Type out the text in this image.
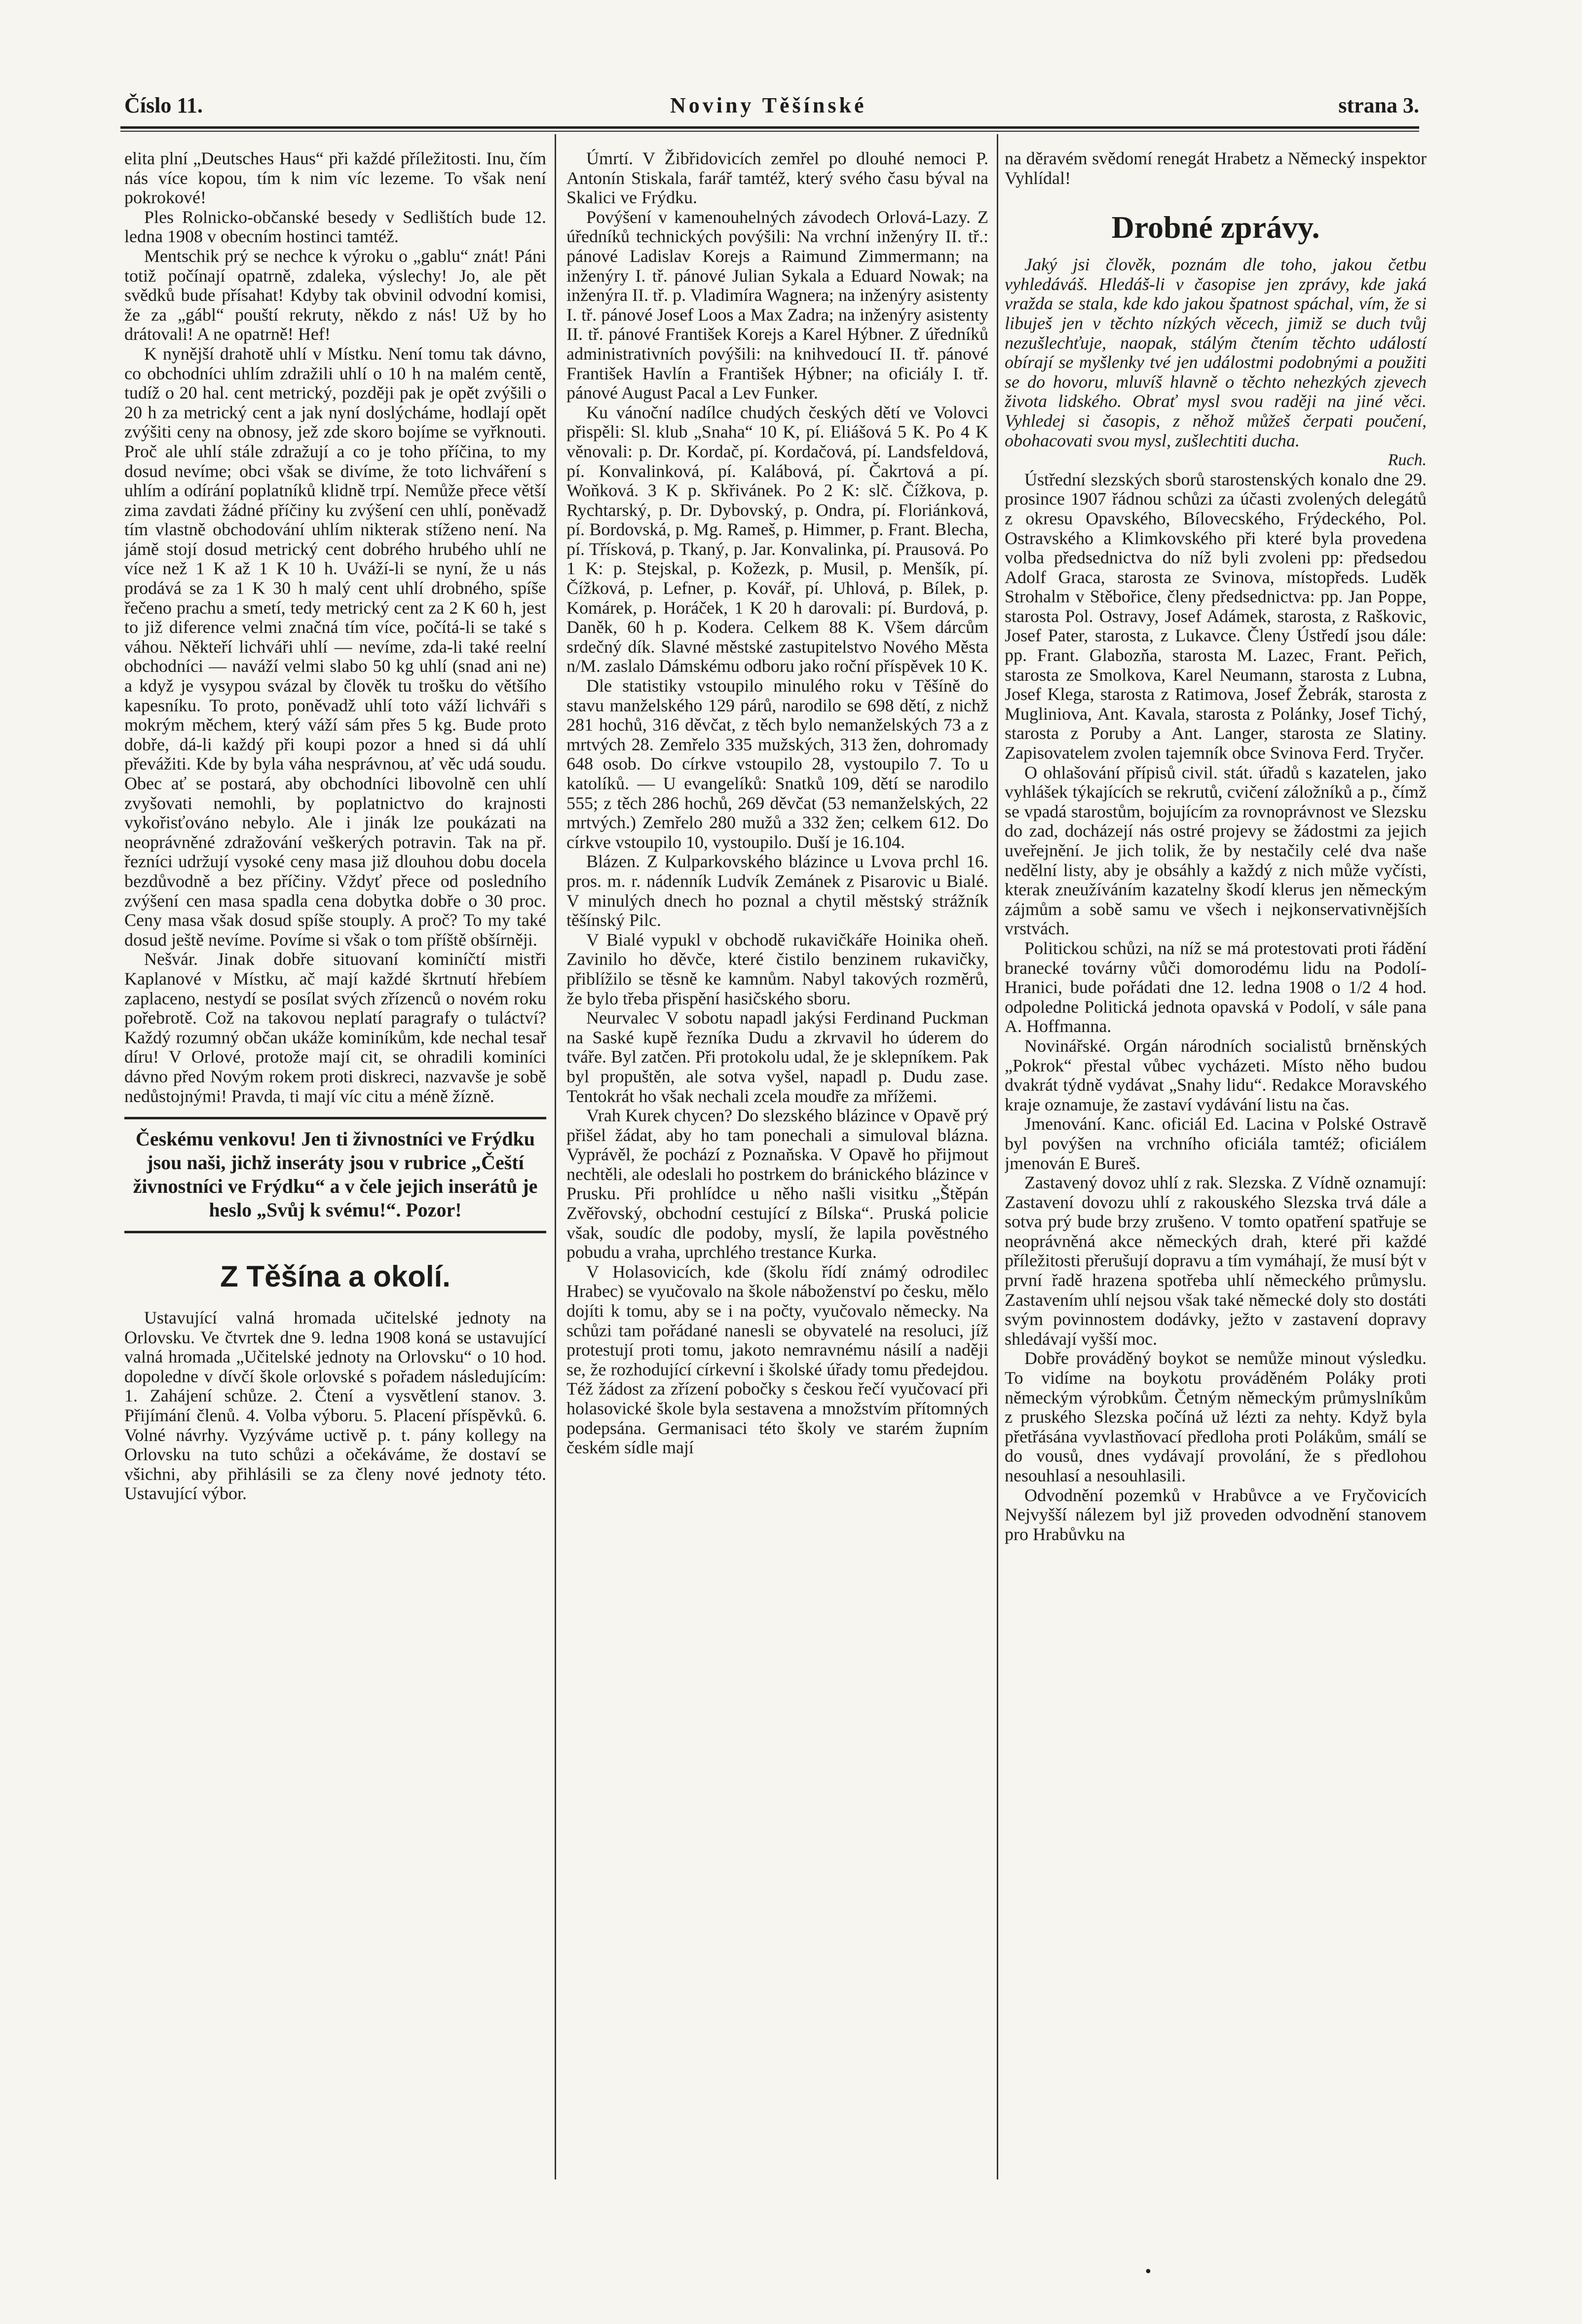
Číslo 11.	Noviny Těšínské	strana 3.

elita plní „Deutsches Haus“ při každé příležitosti. Inu, čím nás více kopou, tím k nim víc lezeme. To však není pokrokové!

Ples Rolnicko-občanské besedy v Sedlištích bude 12. ledna 1908 v obecním hostinci tamtéž.

Mentschik prý se nechce k výroku o „gablu“ znát! Páni totiž počínají opatrně, zdaleka, výslechy! Jo, ale pět svědků bude přísahat! Kdyby tak obvinil odvodní komisi, že za „gábl“ pouští rekruty, někdo z nás! Už by ho drátovali! A ne opatrně! Hef!

K nynější drahotě uhlí v Místku. Není tomu tak dávno, co obchodníci uhlím zdražili uhlí o 10 h na malém centě, tudíž o 20 hal. cent metrický, později pak je opět zvýšili o 20 h za metrický cent a jak nyní doslýcháme, hodlají opět zvýšiti ceny na obnosy, jež zde skoro bojíme se vyřknouti. Proč ale uhlí stále zdražují a co je toho příčina, to my dosud nevíme; obci však se divíme, že toto lichváření s uhlím a odírání poplatníků klidně trpí. Nemůže přece větší zima zavdati žádné příčiny ku zvýšení cen uhlí, poněvadž tím vlastně obchodování uhlím nikterak stíženo není. Na jámě stojí dosud metrický cent dobrého hrubého uhlí ne více než 1 K až 1 K 10 h. Uváží-li se nyní, že u nás prodává se za 1 K 30 h malý cent uhlí drobného, spíše řečeno prachu a smetí, tedy metrický cent za 2 K 60 h, jest to již diference velmi značná tím více, počítá-li se také s váhou. Někteří lichváři uhlí — nevíme, zda-li také reelní obchodníci — naváží velmi slabo 50 kg uhlí (snad ani ne) a když je vysypou svázal by člověk tu trošku do většího kapesníku. To proto, poněvadž uhlí toto váží lichváři s mokrým měchem, který váží sám přes 5 kg. Bude proto dobře, dá-li každý při koupi pozor a hned si dá uhlí převážiti. Kde by byla váha nesprávnou, ať věc udá soudu. Obec ať se postará, aby obchodníci libovolně cen uhlí zvyšovati nemohli, by poplatnictvo do krajnosti vykořisťováno nebylo. Ale i jinák lze poukázati na neoprávněné zdražování veškerých potravin. Tak na př. řezníci udržují vysoké ceny masa již dlouhou dobu docela bezdůvodně a bez příčiny. Vždyť přece od posledního zvýšení cen masa spadla cena dobytka dobře o 30 proc. Ceny masa však dosud spíše stouply. A proč? To my také dosud ještě nevíme. Povíme si však o tom příště obšírněji.

Nešvár. Jinak dobře situovaní kominíčtí mistři Kaplanové v Místku, ač mají každé škrtnutí hřebíem zaplaceno, nestydí se posílat svých zřízenců o novém roku pořebrotě. Což na takovou neplatí paragrafy o tuláctví? Každý rozumný občan ukáže kominíkům, kde nechal tesař díru! V Orlové, protože mají cit, se ohradili kominíci dávno před Novým rokem proti diskreci, nazvavše je sobě nedůstojnými! Pravda, ti mají víc citu a méně žízně.

Českému venkovu! Jen ti živnostníci ve Frýdku jsou naši, jichž inseráty jsou v rubrice „Čeští živnostníci ve Frýdku“ a v čele jejich inserátů je heslo „Svůj k svému!“. Pozor!
Z Těšína a okolí.

Ustavující valná hromada učitelské jednoty na Orlovsku. Ve čtvrtek dne 9. ledna 1908 koná se ustavující valná hromada „Učitelské jednoty na Orlovsku“ o 10 hod. dopoledne v dívčí škole orlovské s pořadem následujícím: 1. Zahájení schůze. 2. Čtení a vysvětlení stanov. 3. Přijímání členů. 4. Volba výboru. 5. Placení příspěvků. 6. Volné návrhy. Vyzýváme uctivě p. t. pány kollegy na Orlovsku na tuto schůzi a očekáváme, že dostaví se všichni, aby přihlásili se za členy nové jednoty této. Ustavující výbor.

Úmrtí. V Žibřidovicích zemřel po dlouhé nemoci P. Antonín Stiskala, farář tamtéž, který svého času býval na Skalici ve Frýdku.

Povýšení v kamenouhelných závodech Orlová-Lazy. Z úředníků technických povýšili: Na vrchní inženýry II. tř.: pánové Ladislav Korejs a Raimund Zimmermann; na inženýry I. tř. pánové Julian Sykala a Eduard Nowak; na inženýra II. tř. p. Vladimíra Wagnera; na inženýry asistenty I. tř. pánové Josef Loos a Max Zadra; na inženýry asistenty II. tř. pánové František Korejs a Karel Hýbner. Z úředníků administrativních povýšili: na knihvedoucí II. tř. pánové František Havlín a František Hýbner; na oficiály I. tř. pánové August Pacal a Lev Funker.

Ku vánoční nadílce chudých českých dětí ve Volovci přispěli: Sl. klub „Snaha“ 10 K, pí. Eliášová 5 K. Po 4 K věnovali: p. Dr. Kordač, pí. Kordačová, pí. Landsfeldová, pí. Konvalinková, pí. Kalábová, pí. Čakrtová a pí. Woňková. 3 K p. Skřivánek. Po 2 K: slč. Čížkova, p. Rychtarský, p. Dr. Dybovský, p. Ondra, pí. Floriánková, pí. Bordovská, p. Mg. Rameš, p. Himmer, p. Frant. Blecha, pí. Třísková, p. Tkaný, p. Jar. Konvalinka, pí. Prausová. Po 1 K: p. Stejskal, p. Kožezk, p. Musil, p. Menšík, pí. Čížková, p. Lefner, p. Kovář, pí. Uhlová, p. Bílek, p. Komárek, p. Horáček, 1 K 20 h darovali: pí. Burdová, p. Daněk, 60 h p. Kodera. Celkem 88 K. Všem dárcům srdečný dík. Slavné městské zastupitelstvo Nového Města n/M. zaslalo Dámskému odboru jako roční příspěvek 10 K.

Dle statistiky vstoupilo minulého roku v Těšíně do stavu manželského 129 párů, narodilo se 698 dětí, z nichž 281 hochů, 316 děvčat, z těch bylo nemanželských 73 a z mrtvých 28. Zemřelo 335 mužských, 313 žen, dohromady 648 osob. Do církve vstoupilo 28, vystoupilo 7. To u katolíků. — U evangelíků: Snatků 109, dětí se narodilo 555; z těch 286 hochů, 269 děvčat (53 nemanželských, 22 mrtvých.) Zemřelo 280 mužů a 332 žen; celkem 612. Do církve vstoupilo 10, vystoupilo. Duší je 16.104.

Blázen. Z Kulparkovského blázince u Lvova prchl 16. pros. m. r. nádenník Ludvík Zemánek z Pisarovic u Bialé. V minulých dnech ho poznal a chytil městský strážník těšínský Pilc.

V Bialé vypukl v obchodě rukavičkáře Hoinika oheň. Zavinilo ho děvče, které čistilo benzinem rukavičky, přiblížilo se těsně ke kamnům. Nabyl takových rozměrů, že bylo třeba přispění hasičského sboru.

Neurvalec V sobotu napadl jakýsi Ferdinand Puckman na Saské kupě řezníka Dudu a zkrvavil ho úderem do tváře. Byl zatčen. Při protokolu udal, že je sklepníkem. Pak byl propuštěn, ale sotva vyšel, napadl p. Dudu zase. Tentokrát ho však nechali zcela moudře za mřížemi.

Vrah Kurek chycen? Do slezského blázince v Opavě prý přišel žádat, aby ho tam ponechali a simuloval blázna. Vyprávěl, že pochází z Poznaňska. V Opavě ho přijmout nechtěli, ale odeslali ho postrkem do bránického blázince v Prusku. Při prohlídce u něho našli visitku „Štěpán Zvěřovský, obchodní cestující z Bílska“. Pruská policie však, soudíc dle podoby, myslí, že lapila pověstného pobudu a vraha, uprchlého trestance Kurka.

V Holasovicích, kde (školu řídí známý odrodilec Hrabec) se vyučovalo na škole náboženství po česku, mělo dojíti k tomu, aby se i na počty, vyučovalo německy. Na schůzi tam pořádané nanesli se obyvatelé na resoluci, jíž protestují proti tomu, jakoto nemravnému násilí a naději se, že rozhodující církevní i školské úřady tomu předejdou. Též žádost za zřízení pobočky s českou řečí vyučovací při holasovické škole byla sestavena a množstvím přítomných podepsána. Germanisaci této školy ve starém župním českém sídle mají

na děravém svědomí renegát Hrabetz a Německý inspektor Vyhlídal!

Drobné zprávy.

Jaký jsi člověk, poznám dle toho, jakou četbu vyhledáváš. Hledáš-li v časopise jen zprávy, kde jaká vražda se stala, kde kdo jakou špatnost spáchal, vím, že si libuješ jen v těchto nízkých věcech, jimiž se duch tvůj nezušlechťuje, naopak, stálým čtením těchto událostí obírají se myšlenky tvé jen událostmi podobnými a použiti se do hovoru, mluvíš hlavně o těchto nehezkých zjevech života lidského. Obrať mysl svou raději na jiné věci. Vyhledej si časopis, z něhož můžeš čerpati poučení, obohacovati svou mysl, zušlechtiti ducha.

Ruch.

Ústřední slezských sborů starostenských konalo dne 29. prosince 1907 řádnou schůzi za účasti zvolených delegátů z okresu Opavského, Bílovecského, Frýdeckého, Pol. Ostravského a Klimkovského při které byla provedena volba předsednictva do níž byli zvoleni pp: předsedou Adolf Graca, starosta ze Svinova, místopředs. Luděk Strohalm v Stěbořice, členy předsednictva: pp. Jan Poppe, starosta Pol. Ostravy, Josef Adámek, starosta, z Raškovic, Josef Pater, starosta, z Lukavce. Členy Ústředí jsou dále: pp. Frant. Glabozňa, starosta M. Lazec, Frant. Peřich, starosta ze Smolkova, Karel Neumann, starosta z Lubna, Josef Klega, starosta z Ratimova, Josef Žebrák, starosta z Mugliniova, Ant. Kavala, starosta z Polánky, Josef Tichý, starosta z Poruby a Ant. Langer, starosta ze Slatiny. Zapisovatelem zvolen tajemník obce Svinova Ferd. Tryčer.

O ohlašování přípisů civil. stát. úřadů s kazatelen, jako vyhlášek týkajících se rekrutů, cvičení záložníků a p., čímž se vpadá starostům, bojujícím za rovnoprávnost ve Slezsku do zad, docházejí nás ostré projevy se žádostmi za jejich uveřejnění. Je jich tolik, že by nestačily celé dva naše nedělní listy, aby je obsáhly a každý z nich může vyčísti, kterak zneužíváním kazatelny škodí klerus jen německým zájmům a sobě samu ve všech i nejkonservativnějších vrstvách.

Politickou schůzi, na níž se má protestovati proti řádění branecké továrny vůči domorodému lidu na Podolí-Hranici, bude pořádati dne 12. ledna 1908 o 1/2 4 hod. odpoledne Politická jednota opavská v Podolí, v sále pana A. Hoffmanna.

Novinářské. Orgán národních socialistů brněnských „Pokrok“ přestal vůbec vycházeti. Místo něho budou dvakrát týdně vydávat „Snahy lidu“. Redakce Moravského kraje oznamuje, že zastaví vydávání listu na čas.

Jmenování. Kanc. oficiál Ed. Lacina v Polské Ostravě byl povýšen na vrchního oficiála tamtéž; oficiálem jmenován E Bureš.

Zastavený dovoz uhlí z rak. Slezska. Z Vídně oznamují: Zastavení dovozu uhlí z rakouského Slezska trvá dále a sotva prý bude brzy zrušeno. V tomto opatření spatřuje se neoprávněná akce německých drah, které při každé příležitosti přerušují dopravu a tím vymáhají, že musí být v první řadě hrazena spotřeba uhlí německého průmyslu. Zastavením uhlí nejsou však také německé doly sto dostáti svým povinnostem dodávky, ježto v zastavení dopravy shledávají vyšší moc.

Dobře prováděný boykot se nemůže minout výsledku. To vidíme na boykotu prováděném Poláky proti německým výrobkům. Četným německým průmyslníkům z pruského Slezska počíná už lézti za nehty. Když byla přetřásána vyvlastňovací předloha proti Polákům, smálí se do vousů, dnes vydávají provolání, že s předlohou nesouhlasí a nesouhlasili.

Odvodnění pozemků v Hrabůvce a ve Fryčovicích Nejvyšší nálezem byl již proveden odvodnění stanovem pro Hrabůvku na

•
